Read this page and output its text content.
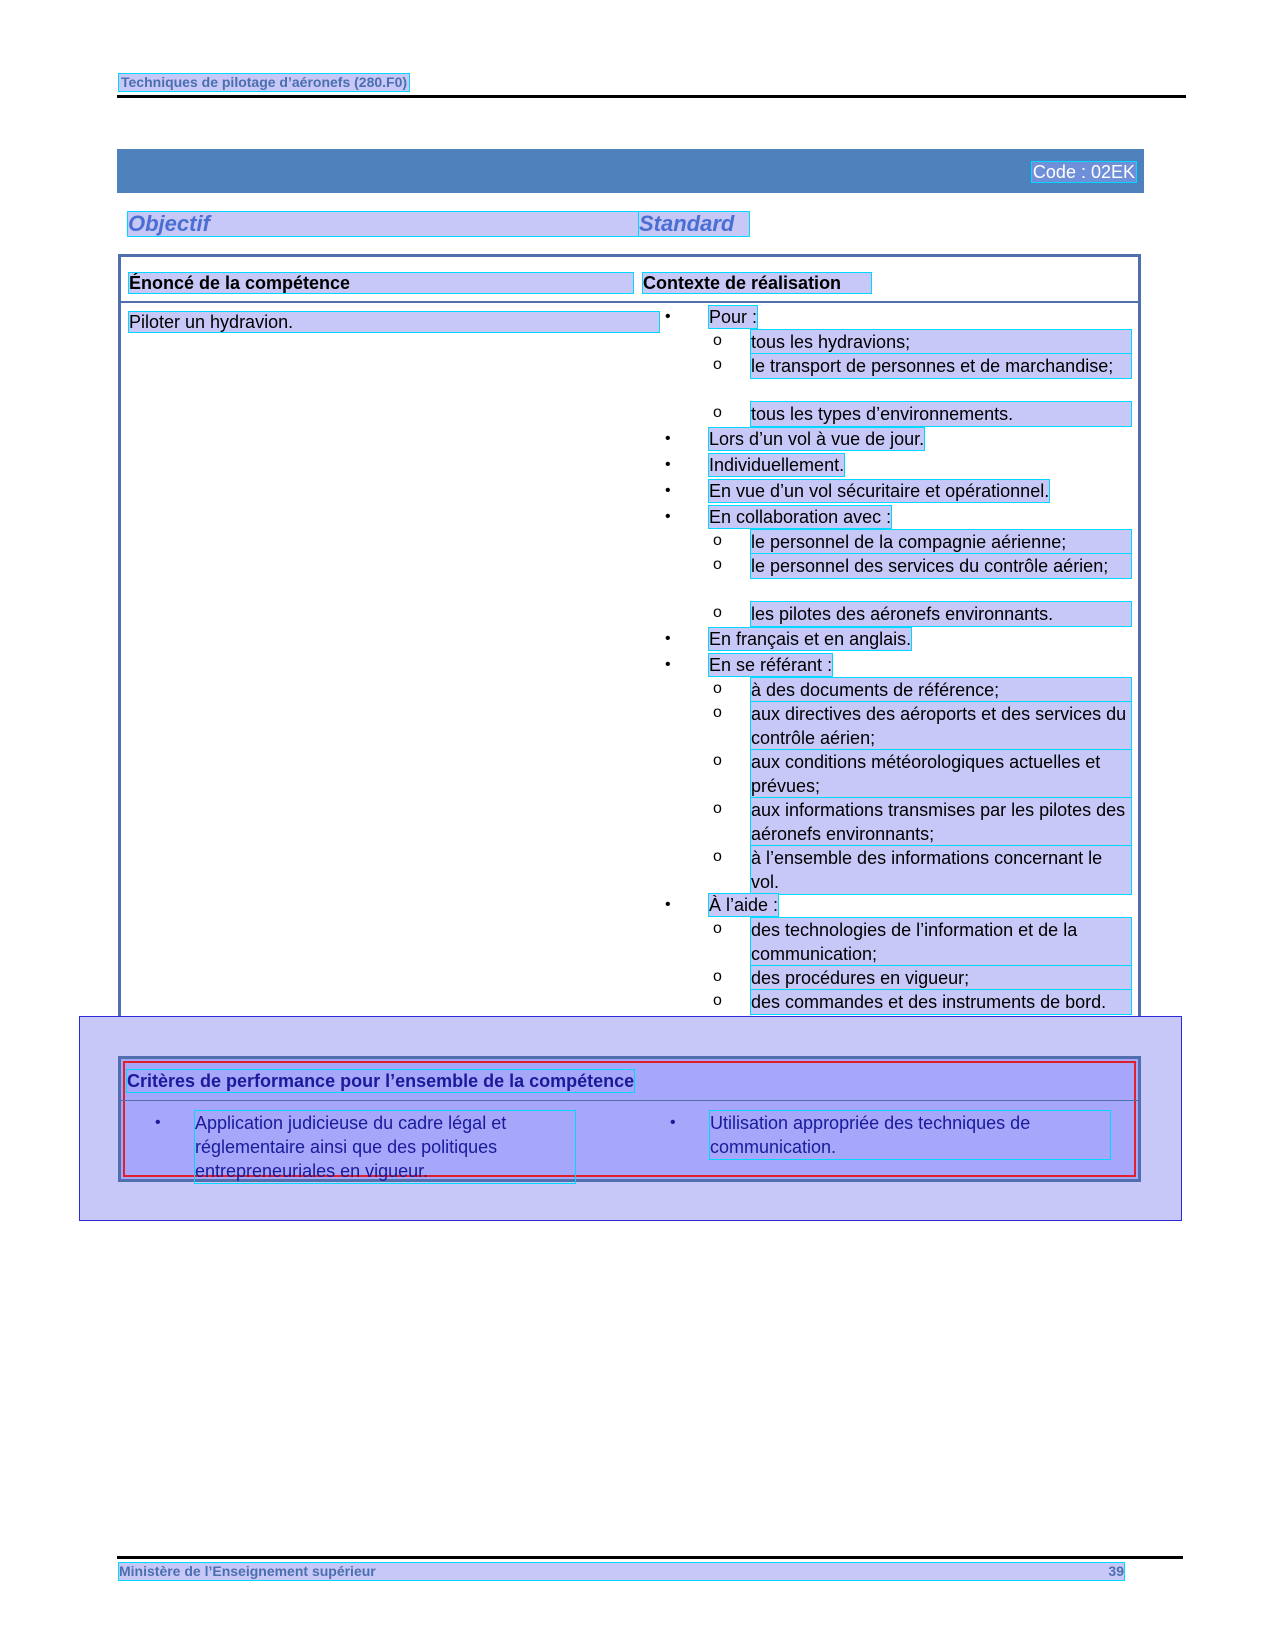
Techniques de pilotage d’aéronefs (280.F0)
Code : 02EK
Objectif	Standard
Énoncé de la compétence	Contexte de réalisation
Piloter un hydravion.	•	Pour :
o tous les hydravions;
o le transport de personnes et de marchandise;
o tous les types d’environnements.
•	Lors d’un vol à vue de jour.
•	Individuellement.
•	En vue d’un vol sécuritaire et opérationnel.
•	En collaboration avec :
o le personnel de la compagnie aérienne;
o le personnel des services du contrôle aérien;
o les pilotes des aéronefs environnants.
•	En français et en anglais.
•	En se référant :
o à des documents de référence;
o aux directives des aéroports et des services du contrôle aérien;
o aux conditions météorologiques actuelles et prévues;
o aux informations transmises par les pilotes des aéronefs environnants;
o à l’ensemble des informations concernant le vol.
•	À l’aide :
o des technologies de l’information et de la communication;
o des procédures en vigueur;
o des commandes et des instruments de bord.
Critères de performance pour l’ensemble de la compétence
• Application judicieuse du cadre légal et réglementaire ainsi que des politiques entrepreneuriales en vigueur.
• Utilisation appropriée des techniques de communication.
Ministère de l’Enseignement supérieur	39
